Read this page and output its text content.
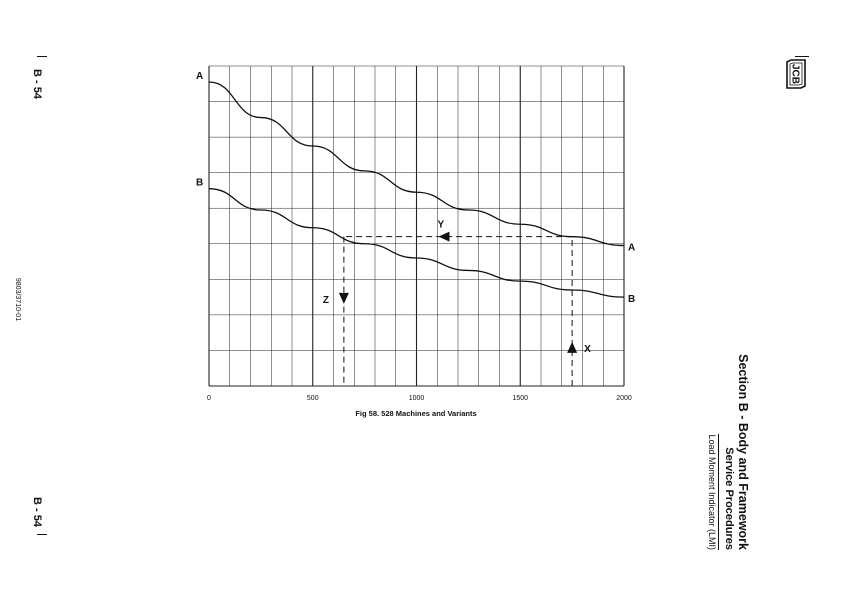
B - 54
9803/3710-01
B - 54
JCB
Section B - Body and Framework
Service Procedures
Load Moment Indicator (LMI)
0	500	1000	1500	2000
A
A
B
B
X
Y
Z
Fig 58. 528 Machines and Variants
